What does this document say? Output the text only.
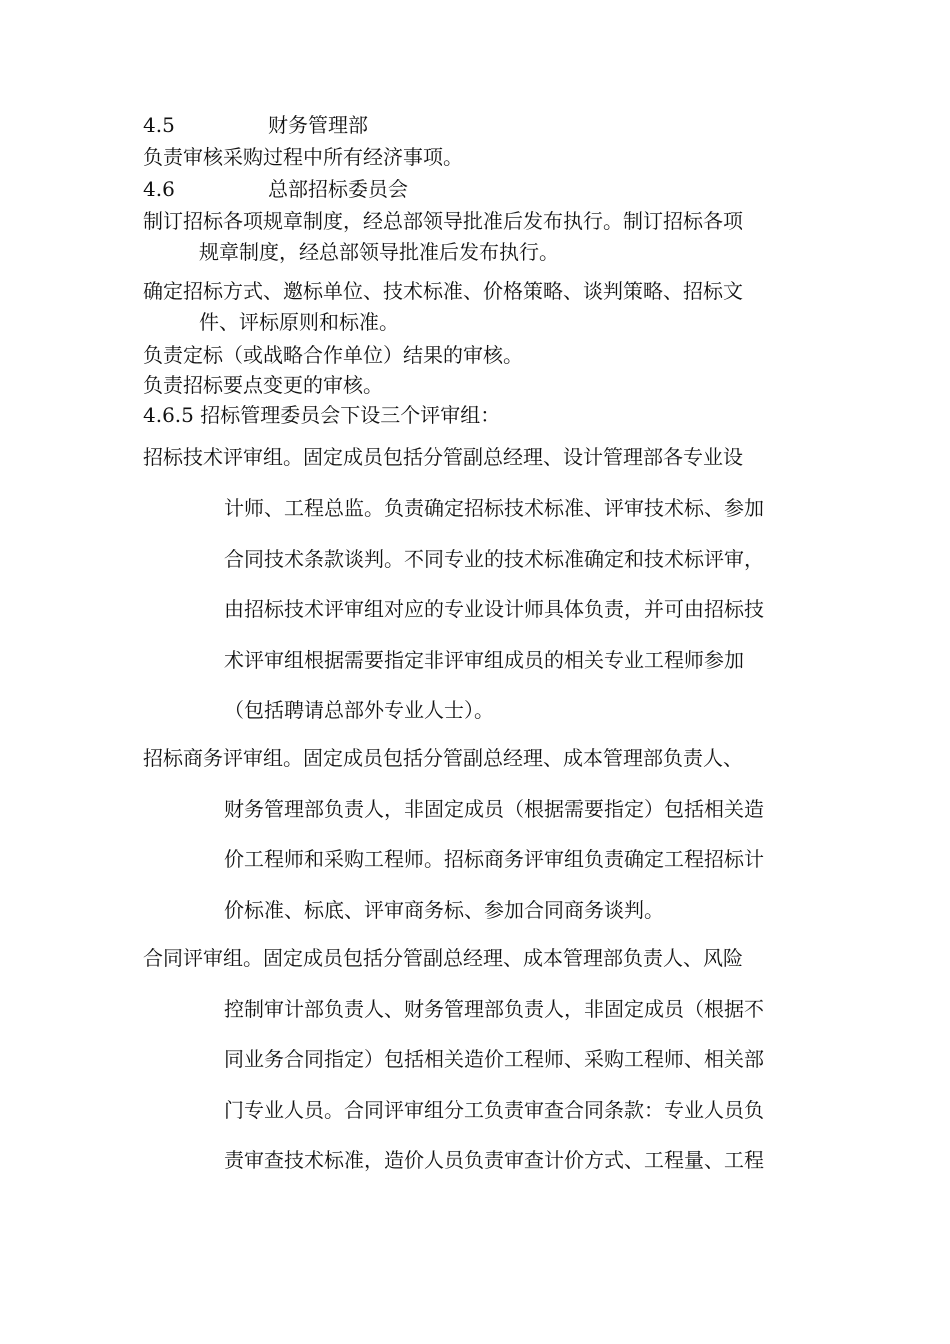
4.5	财务管理部
负责审核采购过程中所有经济事项。
4.6	总部招标委员会
制订招标各项规章制度，经总部领导批准后发布执行。制订招标各项
规章制度，经总部领导批准后发布执行。
确定招标方式、邀标单位、技术标准、价格策略、谈判策略、招标文
件、评标原则和标准。
负责定标（或战略合作单位）结果的审核。
负责招标要点变更的审核。
4.6.5 招标管理委员会下设三个评审组：
招标技术评审组。固定成员包括分管副总经理、设计管理部各专业设
计师、工程总监。负责确定招标技术标准、评审技术标、参加
合同技术条款谈判。不同专业的技术标准确定和技术标评审，
由招标技术评审组对应的专业设计师具体负责，并可由招标技
术评审组根据需要指定非评审组成员的相关专业工程师参加
（包括聘请总部外专业人士）。
招标商务评审组。固定成员包括分管副总经理、成本管理部负责人、
财务管理部负责人，非固定成员（根据需要指定）包括相关造
价工程师和采购工程师。招标商务评审组负责确定工程招标计
价标准、标底、评审商务标、参加合同商务谈判。
合同评审组。固定成员包括分管副总经理、成本管理部负责人、风险
控制审计部负责人、财务管理部负责人，非固定成员（根据不
同业务合同指定）包括相关造价工程师、采购工程师、相关部
门专业人员。合同评审组分工负责审查合同条款：专业人员负
责审查技术标准，造价人员负责审查计价方式、工程量、工程
